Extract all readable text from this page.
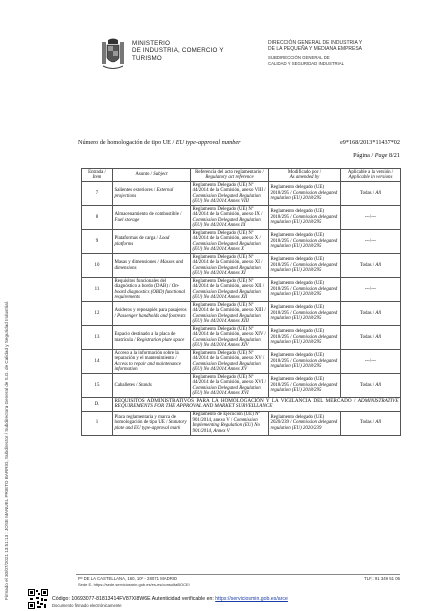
Firmado el 30/07/2021 13:51:13 : JOSE MANUEL PRIETO BARRIO, Subdirector / Subdirectora General de S.G. de Calidad y Seguridad Industrial.
MINISTERIO
DE INDUSTRIA, COMERCIO Y
TURISMO
DIRECCIÓN GENERAL DE INDUSTRIA Y
DE LA PEQUEÑA Y MEDIANA EMPRESA
SUBDIRECCIÓN GENERAL DE
CALIDAD Y SEGURIDAD INDUSTRIAL
Número de homologación de tipo UE / EU type-approval number	e9*168/2013*11437*02
Página / Page 8/21
Entrada /
Item	Asunto / Subject	Referencia del acto reglamentario / Regulatory act reference	Modificado por /
As amended by	Aplicable a la versión / Applicable in versions
7	Salientes exteriores / External projections	Reglamento Delegado (UE) Nº 44/2014 de la Comisión, anexo VIII / Commission Delegated Regulation (EU) No 44/2014 Annex VIII	Reglamento delegado (UE) 2018/295 / Commission delegated regulation (EU) 2018/295	Todas / All
8	Almacenamiento de combustible / Fuel storage	Reglamento Delegado (UE) Nº 44/2014 de la Comisión, anexo IX / Commission Delegated Regulation (EU) No 44/2014 Annex IX	Reglamento delegado (UE) 2018/295 / Commission delegated regulation (EU) 2018/295	---/---
9	Plataformas de carga / Load platforms	Reglamento Delegado (UE) Nº 44/2014 de la Comisión, anexo X / Commission Delegated Regulation (EU) No 44/2014 Annex X	Reglamento delegado (UE) 2018/295 / Commission delegated regulation (EU) 2018/295	---/---
10	Masas y dimensiones / Masses and dimensions	Reglamento Delegado (UE) Nº 44/2014 de la Comisión, anexo XI / Commission Delegated Regulation (EU) No 44/2014 Annex XI	Reglamento delegado (UE) 2018/295 / Commission delegated regulation (EU) 2018/295	Todas / All
11	Requisitos funcionales del diagnóstico a bordo (DAB) / On-board diagnostics (OBD) functional requirements	Reglamento Delegado (UE) Nº 44/2014 de la Comisión, anexo XII / Commission Delegated Regulation (EU) No 44/2014 Annex XII	Reglamento delegado (UE) 2018/295 / Commission delegated regulation (EU) 2018/295	---/---
12	Asideros y reposapiés para pasajeros / Passenger handholds and footrests	Reglamento Delegado (UE) Nº 44/2014 de la Comisión, anexo XIII / Commission Delegated Regulation (EU) No 44/2014 Annex XIII	Reglamento delegado (UE) 2018/295 / Commission delegated regulation (EU) 2018/295	Todas / All
13	Espacio destinado a la placa de matrícula / Registration plate space	Reglamento Delegado (UE) Nº 44/2014 de la Comisión, anexo XIV / Commission Delegated Regulation (EU) No 44/2014 Annex XIV	Reglamento delegado (UE) 2018/295 / Commission delegated regulation (EU) 2018/295	Todas / All
14	Acceso a la información sobre la reparación y el mantenimiento / Access to repair and maintenance information	Reglamento Delegado (UE) Nº 44/2014 de la Comisión, anexo XV / Commission Delegated Regulation (EU) No 44/2014 Annex XV	Reglamento delegado (UE) 2018/295 / Commission delegated regulation (EU) 2018/295	---/---
15	Caballetes / Stands	Reglamento Delegado (UE) Nº 44/2014 de la Comisión, anexo XVI / Commission Delegated Regulation (EU) No 44/2014 Annex XVI	Reglamento delegado (UE) 2018/295 / Commission delegated regulation (EU) 2018/295	Todas / All
D.	REQUISITOS ADMINISTRATIVOS PARA LA HOMOLOGACIÓN Y LA VIGILANCIA DEL MERCADO / ADMINISTRATIVE REQUIREMENTS FOR THE APPROVAL AND MARKET SURVEILLANCE			
1	Placa reglamentaria y marca de homologación de tipo UE / Statutory plate and EU type-approval mark	Reglamento de Ejecución (UE) Nº 901/2014, anexo V / Commission Implementing Regulation (EU) No 901/2014, Annex V	Reglamento delegado (UE) 2020/239 / Commission delegated regulation (EU) 2020/239	Todas / All
Pº DE LA CASTELLANA, 160, 10º - 28071 MADRID	TLF.: 91 349 51 06
Sede E- https://sede.serviciosmin.gob.es/es-es/consultaBOCE/
Código: 10693077-81813414FV87XI8W6E Autenticidad verificable en: https://serviciosmin.gob.es/arce
Documento firmado electrónicamente
